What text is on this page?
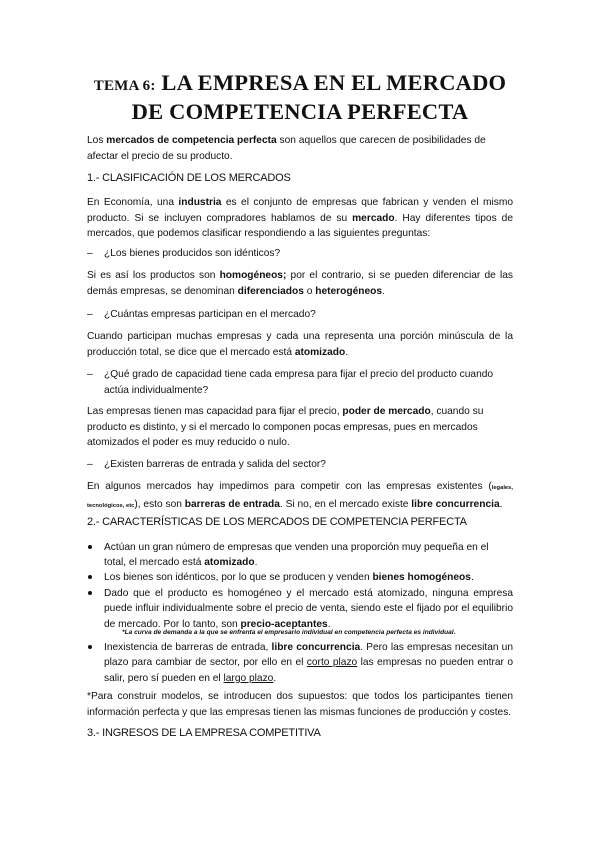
TEMA 6: LA EMPRESA EN EL MERCADO
DE COMPETENCIA PERFECTA
Los mercados de competencia perfecta son aquellos que carecen de posibilidades de afectar el precio de su producto.
1.- CLASIFICACIÓN DE LOS MERCADOS
En Economía, una industria es el conjunto de empresas que fabrican y venden el mismo producto. Si se incluyen compradores hablamos de su mercado. Hay diferentes tipos de mercados, que podemos clasificar respondiendo a las siguientes preguntas:
– ¿Los bienes producidos son idénticos?
Si es así los productos son homogéneos; por el contrario, si se pueden diferenciar de las demás empresas, se denominan diferenciados o heterogéneos.
– ¿Cuántas empresas participan en el mercado?
Cuando participan muchas empresas y cada una representa una porción minúscula de la producción total, se dice que el mercado está atomizado.
– ¿Qué grado de capacidad tiene cada empresa para fijar el precio del producto cuando actúa individualmente?
Las empresas tienen mas capacidad para fijar el precio, poder de mercado, cuando su producto es distinto, y si el mercado lo componen pocas empresas, pues en mercados atomizados el poder es muy reducido o nulo.
– ¿Existen barreras de entrada y salida del sector?
En algunos mercados hay impedimos para competir con las empresas existentes (legales, tecnológicos, etc), esto son barreras de entrada. Si no, en el mercado existe libre concurrencia.
2.- CARACTERÍSTICAS DE LOS MERCADOS DE COMPETENCIA PERFECTA
Actúan un gran número de empresas que venden una proporción muy pequeña en el total, el mercado está atomizado.
Los bienes son idénticos, por lo que se producen y venden bienes homogéneos.
Dado que el producto es homogéneo y el mercado está atomizado, ninguna empresa puede influir individualmente sobre el precio de venta, siendo este el fijado por el equilibrio de mercado. Por lo tanto, son precio-aceptantes.
*La curva de demanda a la que se enfrenta el empresario individual en competencia perfecta es individual.
Inexistencia de barreras de entrada, libre concurrencia. Pero las empresas necesitan un plazo para cambiar de sector, por ello en el corto plazo las empresas no pueden entrar o salir, pero sí pueden en el largo plazo.
*Para construir modelos, se introducen dos supuestos: que todos los participantes tienen información perfecta y que las empresas tienen las mismas funciones de producción y costes.
3.- INGRESOS DE LA EMPRESA COMPETITIVA
